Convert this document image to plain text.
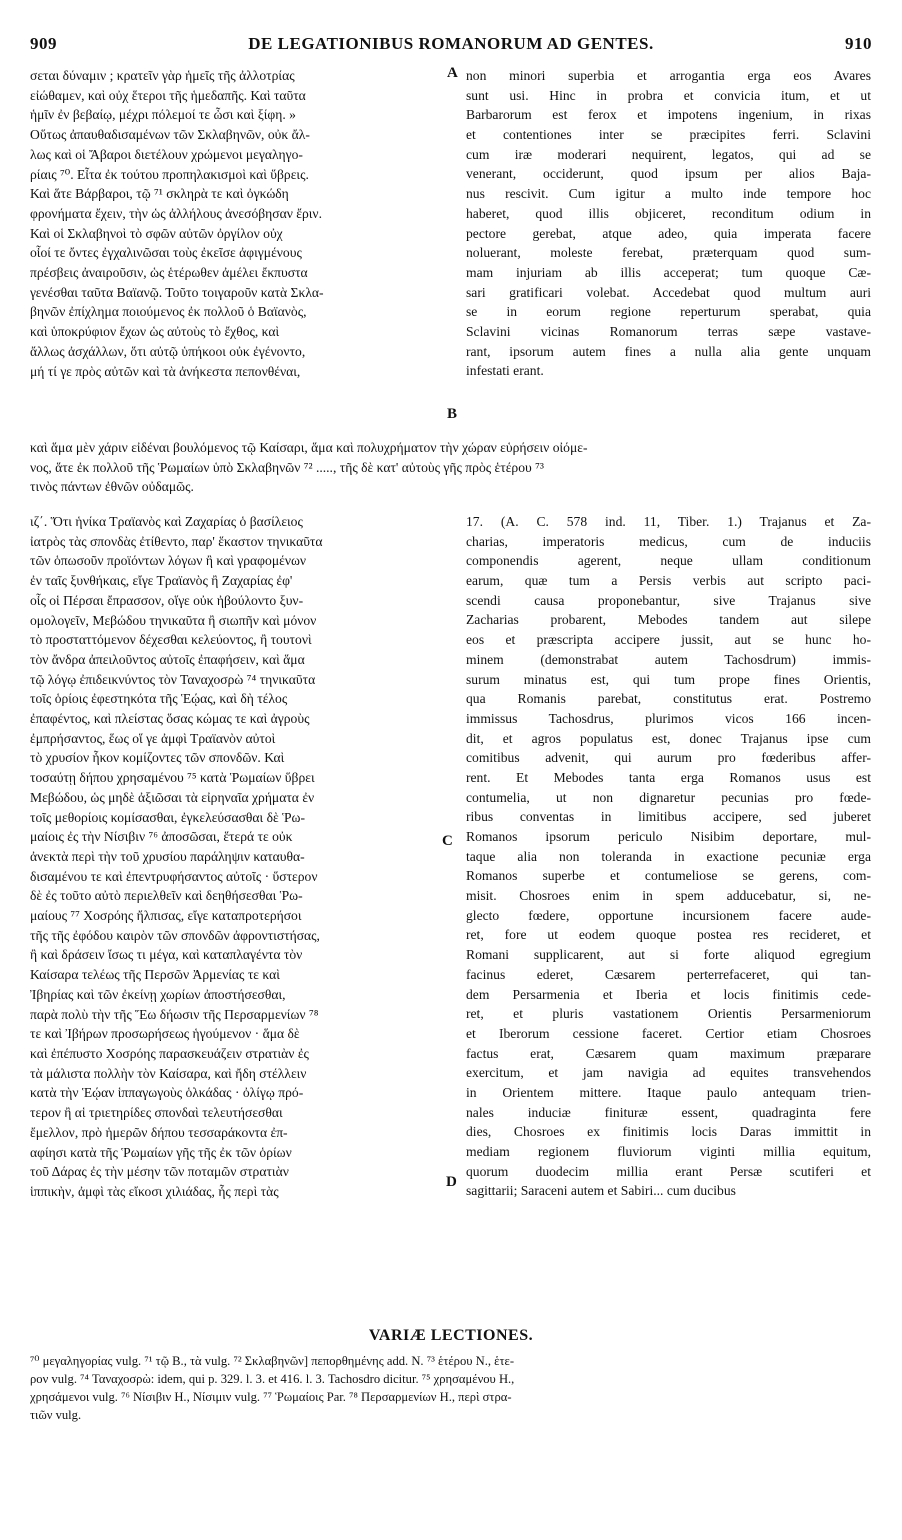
909	DE LEGATIONIBUS ROMANORUM AD GENTES.	910
σεται δύναμιν ; κρατεῖν γὰρ ἡμεῖς τῆς ἀλλοτρίας
εἰώθαμεν, καὶ οὐχ ἕτεροι τῆς ἡμεδαπῆς. Καὶ ταῦτα
ἡμῖν ἐν βεβαίῳ, μέχρι πόλεμοί τε ὦσι καὶ ξίφη. »
Οὕτως ἀπαυθαδισαμένων τῶν Σκλαβηνῶν, οὐκ ἄλ-
λως καὶ οἱ Ἄβαροι διετέλουν χρώμενοι μεγαληγο-
ρίαις ⁷⁰. Εἶτα ἐκ τούτου προπηλακισμοὶ καὶ ὕβρεις.
Καὶ ἅτε Βάρβαροι, τῷ ⁷¹ σκληρὰ τε καὶ ὀγκώδη
φρονήματα ἔχειν, τὴν ὡς ἀλλήλους ἀνεσόβησαν ἔριν.
Καὶ οἱ Σκλαβηνοὶ τὸ σφῶν αὐτῶν ὀργίλον οὐχ
οἷοί τε ὄντες ἐγχαλινῶσαι τοὺς ἐκεῖσε ἀφιγμένους
πρέσβεις ἀναιροῦσιν, ὡς ἑτέρωθεν ἀμέλει ἔκπυστα
γενέσθαι ταῦτα Βαϊανῷ. Τοῦτο τοιγαροῦν κατὰ Σκλα-
βηνῶν ἐπίχλημα ποιούμενος ἐκ πολλοῦ ὁ Βαϊανὸς,
καὶ ὑποκρύφιον ἔχων ὡς αὐτοὺς τὸ ἔχθος, καὶ
ἄλλως ἀσχάλλων, ὅτι αὐτῷ ὑπήκοοι οὐκ ἐγένοντο,
μή τί γε πρὸς αὐτῶν καὶ τὰ ἀνήκεστα πεπονθέναι,
non minori superbia et arrogantia erga eos Avares
sunt usi. Hinc in probra et convicia itum, et ut
Barbarorum est ferox et impotens ingenium, in rixas
et contentiones inter se præcipites ferri. Sclavini
cum iræ moderari nequirent, legatos, qui ad se
venerant, occiderunt, quod ipsum per alios Baja-
nus rescivit. Cum igitur a multo inde tempore hoc
haberet, quod illis objiceret, reconditum odium in
pectore gerebat, atque adeo, quia imperata facere
noluerant, moleste ferebat, præterquam quod sum-
mam injuriam ab illis acceperat; tum quoque Cæ-
sari gratificari volebat. Accedebat quod multum auri
se in eorum regione reperturum sperabat, quia
Sclavini vicinas Romanorum terras sæpe vastave-
rant, ipsorum autem fines a nulla alia gente unquam
infestati erant.
A
B
C
D
καὶ ἅμα μὲν χάριν εἰδέναι βουλόμενος τῷ Καίσαρι, ἅμα καὶ πολυχρήματον τὴν χώραν εὑρήσειν οἰόμε-
νος, ἅτε ἐκ πολλοῦ τῆς Ῥωμαίων ὑπὸ Σκλαβηνῶν ⁷² ....., τῆς δὲ κατ' αὐτοὺς γῆς πρὸς ἑτέρου ⁷³
τινὸς πάντων ἐθνῶν οὐδαμῶς.
ιζ΄. Ὅτι ἡνίκα Τραϊανὸς καὶ Ζαχαρίας ὁ βασίλειος
ἰατρὸς τὰς σπονδὰς ἐτίθεντο, παρ' ἕκαστον τηνικαῦτα
τῶν ὁπωσοῦν προϊόντων λόγων ἢ καὶ γραφομένων
ἐν ταῖς ξυνθήκαις, εἴγε Τραϊανὸς ἢ Ζαχαρίας ἐφ'
οἷς οἱ Πέρσαι ἔπρασσον, οἵγε οὐκ ἠβούλοντο ξυν-
ομολογεῖν, Μεβώδου τηνικαῦτα ἢ σιωπῆν καὶ μόνον
τὸ προσταττόμενον δέχεσθαι κελεύοντος, ἢ τουτονὶ
τὸν ἄνδρα ἀπειλοῦντος αὐτοῖς ἐπαφήσειν, καὶ ἅμα
τῷ λόγῳ ἐπιδεικνύντος τὸν Ταναχοσρὼ ⁷⁴ τηνικαῦτα
τοῖς ὁρίοις ἐφεστηκότα τῆς Ἑῴας, καὶ δὴ τέλος
ἐπαφέντος, καὶ πλείστας ὅσας κώμας τε καὶ ἀγροὺς
ἐμπρήσαντος, ἕως οἵ γε ἀμφὶ Τραϊανὸν αὐτοὶ
τὸ χρυσίον ἧκον κομίζοντες τῶν σπονδῶν. Καὶ
τοσαύτῃ δήπου χρησαμένου ⁷⁵ κατὰ Ῥωμαίων ὕβρει
Μεβώδου, ὡς μηδὲ ἀξιῶσαι τὰ εἰρηναῖα χρήματα ἐν
τοῖς μεθορίοις κομίσασθαι, ἐγκελεύσασθαι δὲ Ῥω-
μαίοις ἐς τὴν Νίσιβιν ⁷⁶ ἀποσῶσαι, ἕτερά τε οὐκ
ἀνεκτὰ περὶ τὴν τοῦ χρυσίου παράληψιν καταυθα-
δισαμένου τε καὶ ἐπεντρυφήσαντος αὐτοῖς · ὕστερον
δὲ ἐς τοῦτο αὐτὸ περιελθεῖν καὶ δεηθήσεσθαι Ῥω-
μαίους ⁷⁷ Χοσρόης ἤλπισας, εἴγε καταπροτερήσοι
τῆς τῆς ἐφόδου καιρὸν τῶν σπονδῶν ἀφροντιστήσας,
ἢ καὶ δράσειν ἴσως τι μέγα, καὶ καταπλαγέντα τὸν
Καίσαρα τελέως τῆς Περσῶν Ἀρμενίας τε καὶ
Ἰβηρίας καὶ τῶν ἐκείνῃ χωρίων ἀποστήσεσθαι,
παρὰ πολὺ τὴν τῆς Ἕω δήωσιν τῆς Περσαρμενίων ⁷⁸
τε καὶ Ἰβήρων προσωρήσεως ἡγούμενον · ἅμα δὲ
καὶ ἐπέπυστο Χοσρόης παρασκευάζειν στρατιὰν ἐς
τὰ μάλιστα πολλὴν τὸν Καίσαρα, καὶ ἤδη στέλλειν
κατὰ τὴν Ἑῴαν ἱππαγωγοὺς ὁλκάδας · ὀλίγῳ πρό-
τερον ἢ αἱ τριετηρίδες σπονδαὶ τελευτήσεσθαι
ἔμελλον, πρὸ ἡμερῶν δήπου τεσσαράκοντα ἐπ-
αφίησι κατὰ τῆς Ῥωμαίων γῆς τῆς ἐκ τῶν ὁρίων
τοῦ Δάρας ἐς τὴν μέσην τῶν ποταμῶν στρατιὰν
ἱππικὴν, ἀμφὶ τὰς εἴκοσι χιλιάδας, ἧς περὶ τὰς
17. (A. C. 578 ind. 11, Tiber. 1.) Trajanus et Za-
charias, imperatoris medicus, cum de induciis
componendis agerent, neque ullam conditionum
earum, quæ tum a Persis verbis aut scripto paci-
scendi causa proponebantur, sive Trajanus sive
Zacharias probarent, Mebodes tandem aut sileре
eos et præscripta accipere jussit, aut se hunc ho-
minem (demonstrabat autem Tachosdrum) immis-
surum minatus est, qui tum prope fines Orientis,
qua Romanis parebat, constitutus erat. Postremo
immissus Tachosdrus, plurimos vicos 166 incen-
dit, et agros populatus est, donec Trajanus ipse cum
comitibus advenit, qui aurum pro fœderibus affer-
rent. Et Mebodes tanta erga Romanos usus est
contumelia, ut non dignaretur pecunias pro fœde-
ribus conventas in limitibus accipere, sed juberet
Romanos ipsorum periculo Nisibim deportare, mul-
taque alia non toleranda in exactione pecuniæ erga
Romanos superbe et contumeliose se gerens, com-
misit. Chosroes enim in spem adducebatur, si, ne-
glecto fœdere, opportune incursionem facere aude-
ret, fore ut eodem quoque postea res recideret, et
Romani supplicarent, aut si forte aliquod egregium
facinus ederet, Cæsarem perterrefaceret, qui tan-
dem Persarmenia et Iberia et locis finitimis cede-
ret, et pluris vastationem Orientis Persarmeniorum
et Iberorum cessione faceret. Certior etiam Chosroes
factus erat, Cæsarem quam maximum præparare
exercitum, et jam navigia ad equites transvehendos
in Orientem mittere. Itaque paulo antequam trien-
nales induciæ finituræ essent, quadraginta fere
dies, Chosroes ex finitimis locis Daras immittit in
mediam regionem fluviorum viginti millia equitum,
quorum duodecim millia erant Persæ scutiferi et
sagittarii; Saraceni autem et Sabiri... cum ducibus
VARIÆ LECTIONES.
⁷⁰ μεγαληγορίας vulg. ⁷¹ τῷ B., τὰ vulg. ⁷² Σκλαβηνῶν] πεπορθημένης add. N. ⁷³ ἑτέρου N., ἑτε-
ρον vulg. ⁷⁴ Ταναχοσρὼ: idem, qui p. 329. l. 3. et 416. l. 3. Tachosdro dicitur. ⁷⁵ χρησαμένου H.,
χρησάμενοι vulg. ⁷⁶ Νίσιβιν H., Νίσιμιν vulg. ⁷⁷ Ῥωμαίοις Par. ⁷⁸ Περσαρμενίων H., περὶ στρα-
τιῶν vulg.
